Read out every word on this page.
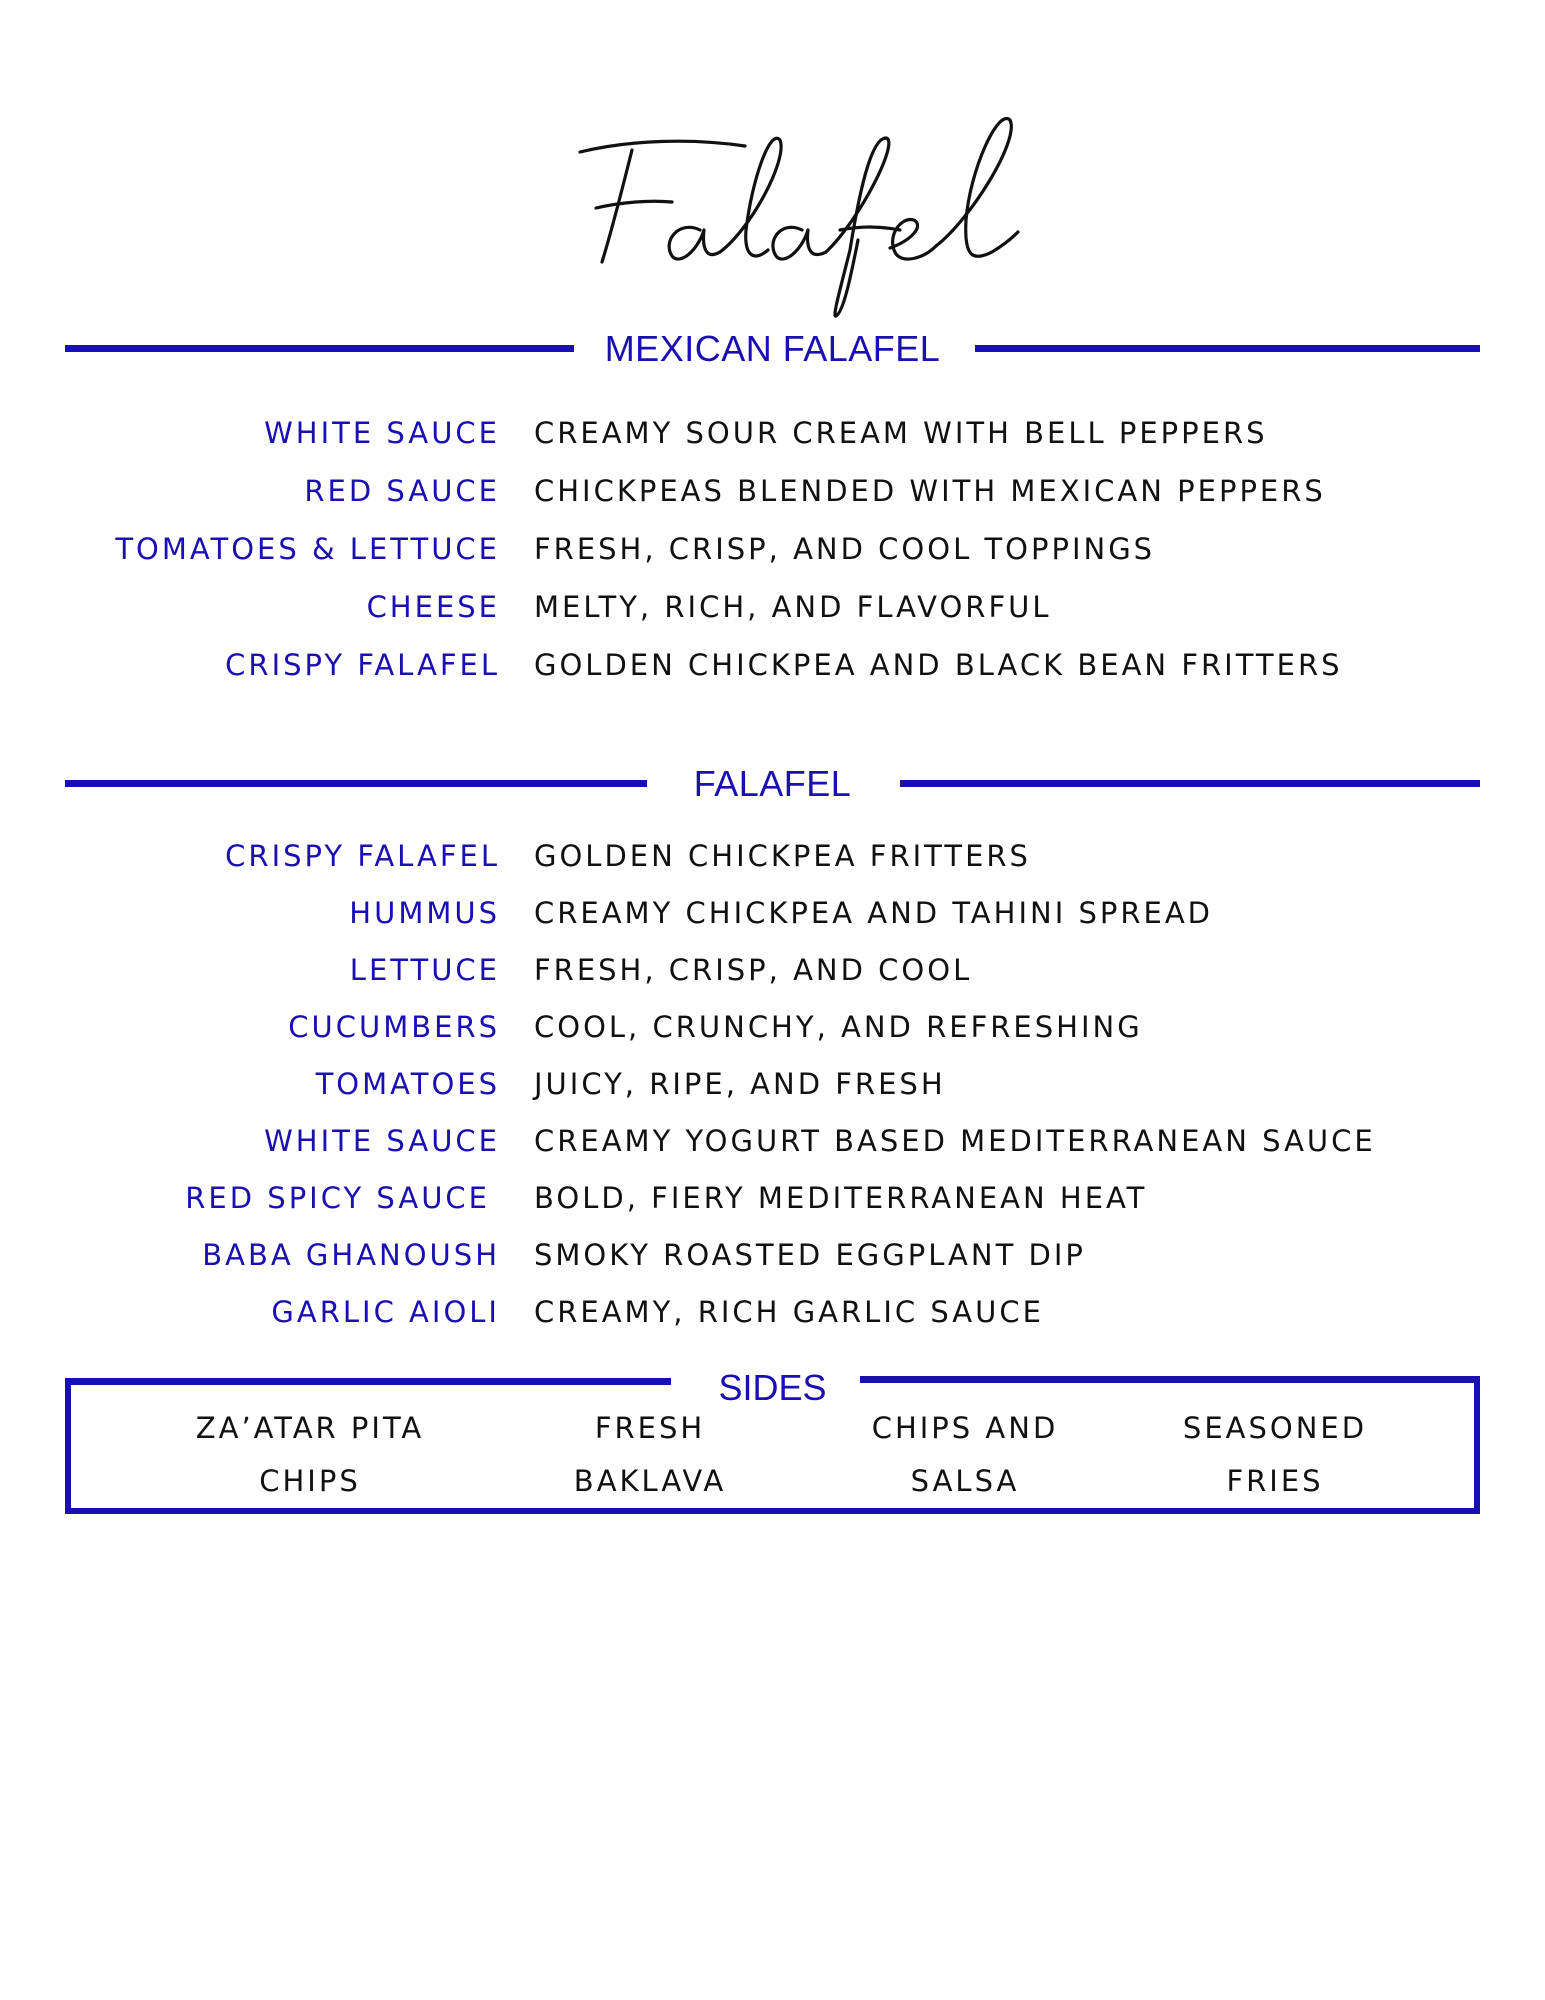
MEXICAN FALAFEL
WHITE SAUCE CREAMY SOUR CREAM WITH BELL PEPPERS
RED SAUCE CHICKPEAS BLENDED WITH MEXICAN PEPPERS
TOMATOES & LETTUCE FRESH, CRISP, AND COOL TOPPINGS
CHEESE MELTY, RICH, AND FLAVORFUL
CRISPY FALAFEL GOLDEN CHICKPEA AND BLACK BEAN FRITTERS
FALAFEL
CRISPY FALAFEL GOLDEN CHICKPEA FRITTERS
HUMMUS CREAMY CHICKPEA AND TAHINI SPREAD
LETTUCE FRESH, CRISP, AND COOL
CUCUMBERS COOL, CRUNCHY, AND REFRESHING
TOMATOES JUICY, RIPE, AND FRESH
WHITE SAUCE CREAMY YOGURT BASED MEDITERRANEAN SAUCE
RED SPICY SAUCE BOLD, FIERY MEDITERRANEAN HEAT
BABA GHANOUSH SMOKY ROASTED EGGPLANT DIP
GARLIC AIOLI CREAMY, RICH GARLIC SAUCE
SIDES
ZA’ATAR PITA
CHIPS
FRESH
BAKLAVA
CHIPS AND
SALSA
SEASONED
FRIES
